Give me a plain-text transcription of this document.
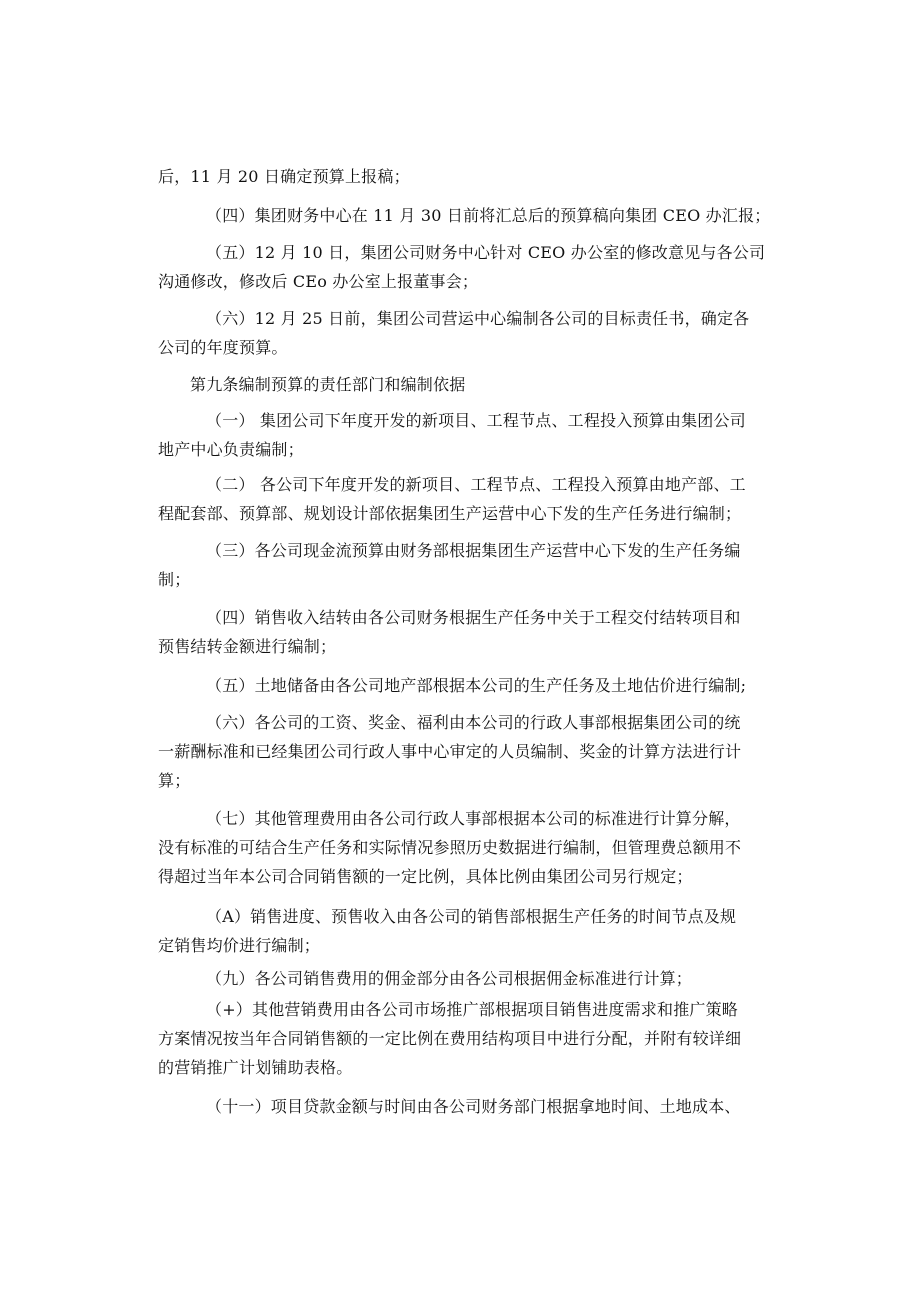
后，11 月 20 日确定预算上报稿；

（四）集团财务中心在 11 月 30 日前将汇总后的预算稿向集团 CEO 办汇报；

（五）12 月 10 日，集团公司财务中心针对 CEO 办公室的修改意见与各公司
沟通修改，修改后 CEo 办公室上报董事会；

（六）12 月 25 日前，集团公司营运中心编制各公司的目标责任书，确定各
公司的年度预算。

第九条编制预算的责任部门和编制依据

（一） 集团公司下年度开发的新项目、工程节点、工程投入预算由集团公司
地产中心负责编制；

（二） 各公司下年度开发的新项目、工程节点、工程投入预算由地产部、工
程配套部、预算部、规划设计部依据集团生产运营中心下发的生产任务进行编制；

（三）各公司现金流预算由财务部根据集团生产运营中心下发的生产任务编
制；

（四）销售收入结转由各公司财务根据生产任务中关于工程交付结转项目和
预售结转金额进行编制；

（五）土地储备由各公司地产部根据本公司的生产任务及土地估价进行编制;

（六）各公司的工资、奖金、福利由本公司的行政人事部根据集团公司的统
一薪酬标准和已经集团公司行政人事中心审定的人员编制、奖金的计算方法进行计
算；

（七）其他管理费用由各公司行政人事部根据本公司的标准进行计算分解，
没有标准的可结合生产任务和实际情况参照历史数据进行编制，但管理费总额用不
得超过当年本公司合同销售额的一定比例，具体比例由集团公司另行规定；

（A）销售进度、预售收入由各公司的销售部根据生产任务的时间节点及规
定销售均价进行编制；

（九）各公司销售费用的佣金部分由各公司根据佣金标准进行计算；

（+）其他营销费用由各公司市场推广部根据项目销售进度需求和推广策略
方案情况按当年合同销售额的一定比例在费用结构项目中进行分配，并附有较详细
的营销推广计划铺助表格。

（十一）项目贷款金额与时间由各公司财务部门根据拿地时间、土地成本、
